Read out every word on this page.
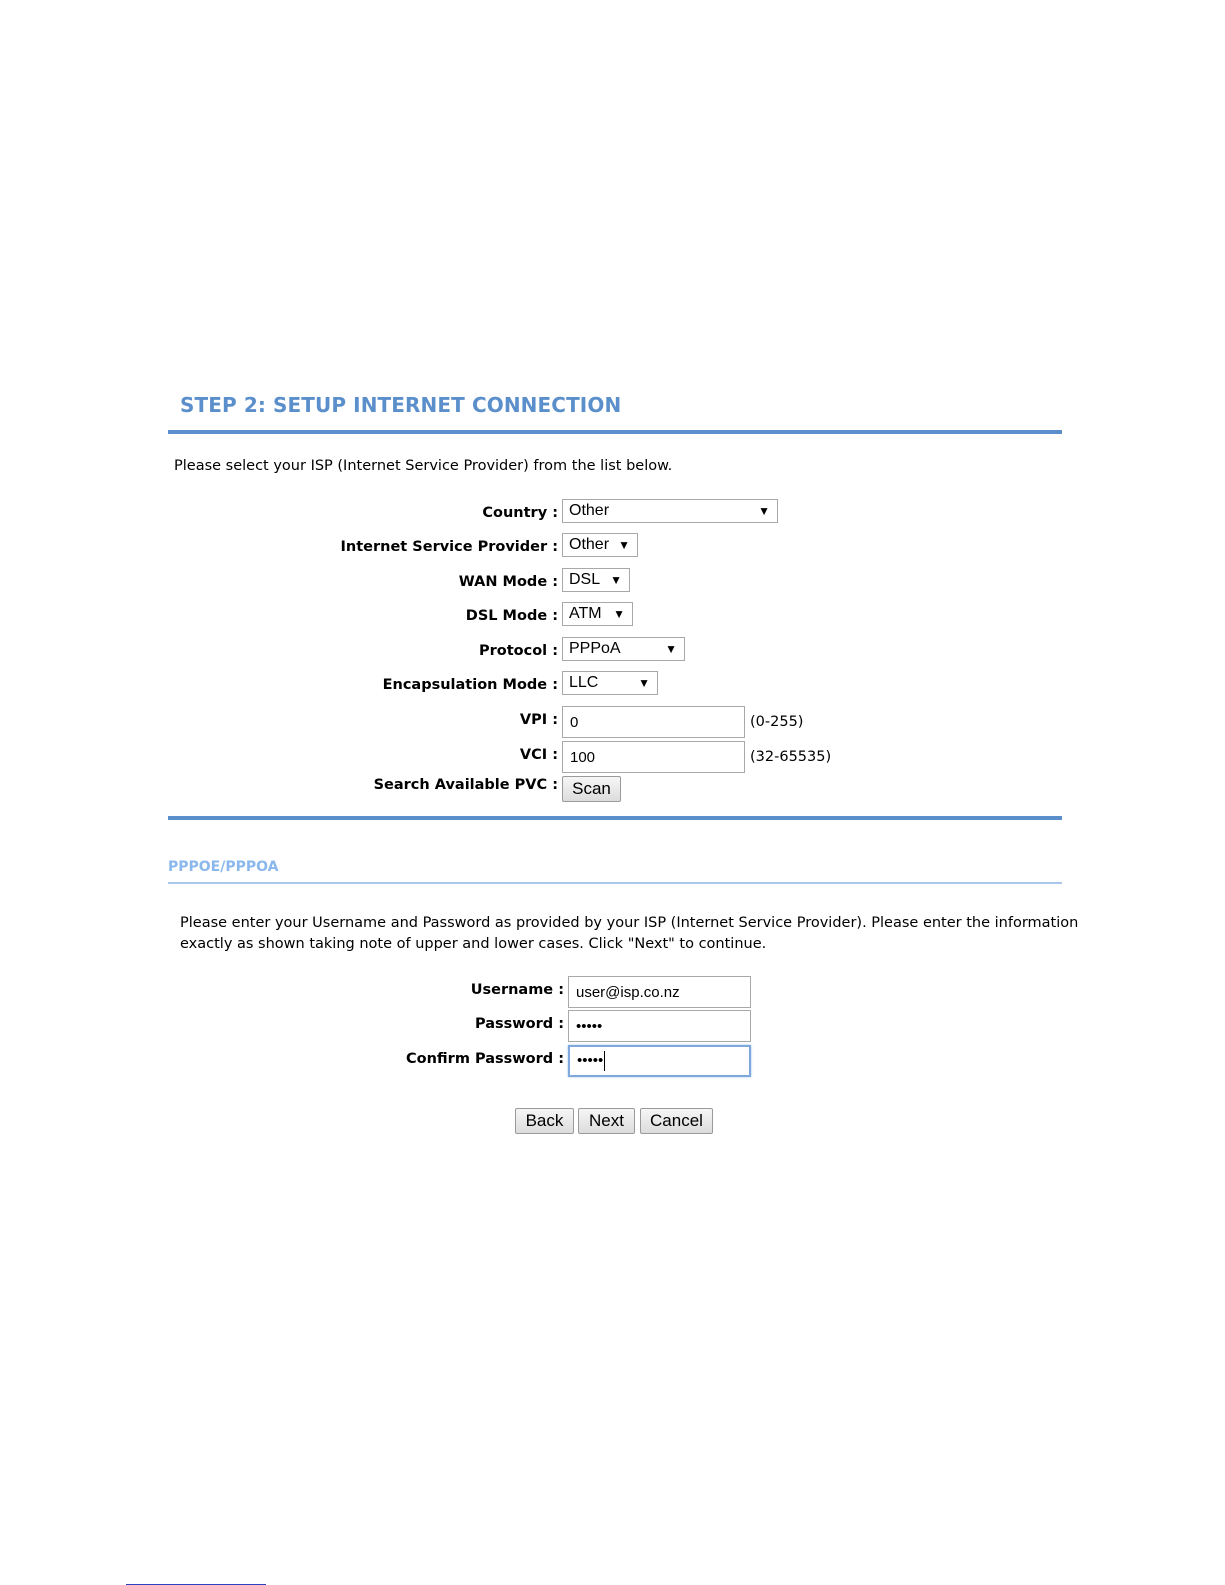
STEP 2: SETUP INTERNET CONNECTION
Please select your ISP (Internet Service Provider) from the list below.
Country : Other	▼
Internet Service Provider : Other ▼
WAN Mode : DSL ▼
DSL Mode : ATM ▼
Protocol : PPPoA	▼
Encapsulation Mode : LLC	▼
VPI : 0	(0-255)
VCI : 100	(32-65535)
Search Available PVC : Scan
PPPOE/PPPOA
Please enter your Username and Password as provided by your ISP (Internet Service Provider). Please enter the information
exactly as shown taking note of upper and lower cases. Click "Next" to continue.
Username : user@isp.co.nz
Password : •••••
Confirm Password : •••••
Back	Next	Cancel
